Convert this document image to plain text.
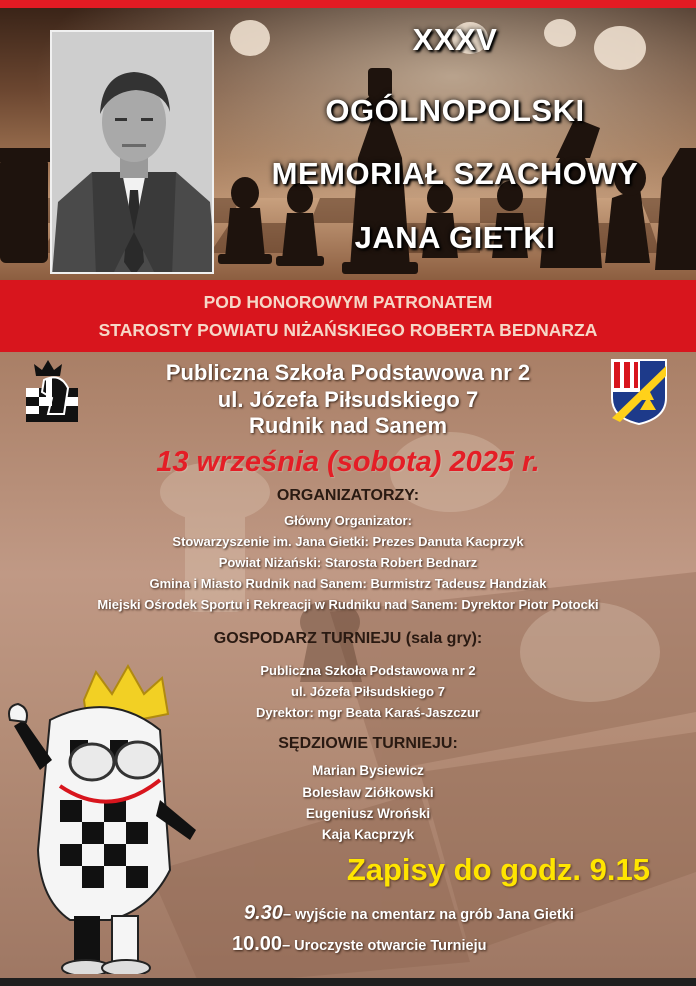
XXXV
OGÓLNOPOLSKI
MEMORIAŁ SZACHOWY
JANA GIETKI
POD HONOROWYM PATRONATEM
STAROSTY POWIATU NIŻAŃSKIEGO ROBERTA BEDNARZA
Publiczna Szkoła Podstawowa nr 2
ul. Józefa Piłsudskiego 7
Rudnik nad Sanem
13 września (sobota) 2025 r.
ORGANIZATORZY:
Główny Organizator:
Stowarzyszenie im. Jana Gietki: Prezes Danuta Kacprzyk
Powiat Niżański: Starosta Robert Bednarz
Gmina i Miasto Rudnik nad Sanem: Burmistrz Tadeusz Handziak
Miejski Ośrodek Sportu i Rekreacji w Rudniku nad Sanem: Dyrektor Piotr Potocki
GOSPODARZ TURNIEJU (sala gry):
Publiczna Szkoła Podstawowa nr 2
ul. Józefa Piłsudskiego 7
Dyrektor: mgr Beata Karaś-Jaszczur
SĘDZIOWIE TURNIEJU:
Marian Bysiewicz
Bolesław Ziółkowski
Eugeniusz Wroński
Kaja Kacprzyk
Zapisy do godz. 9.15
9.30– wyjście na cmentarz na grób Jana Gietki
10.00– Uroczyste otwarcie Turnieju
